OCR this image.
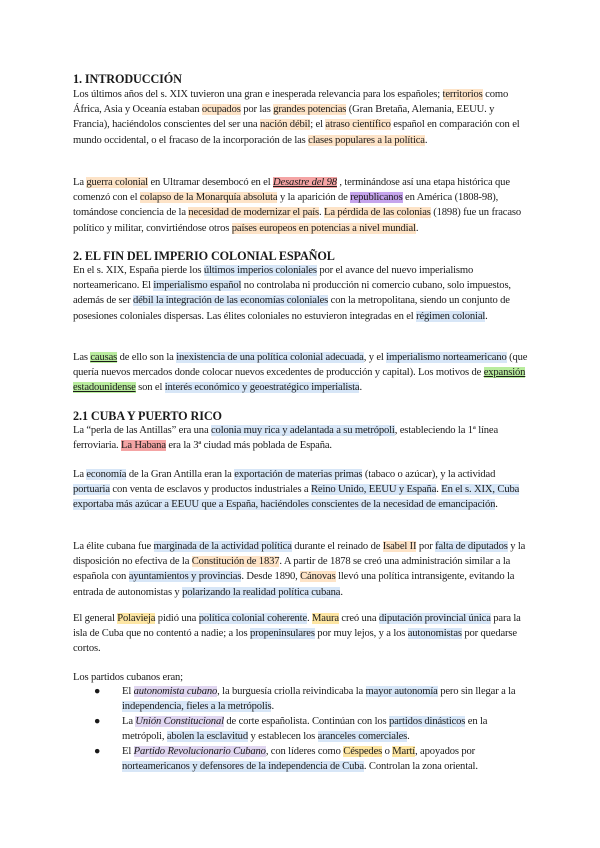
1. INTRODUCCIÓN
Los últimos años del s. XIX tuvieron una gran e inesperada relevancia para los españoles; territorios como África, Asia y Oceanía estaban ocupados por las grandes potencias (Gran Bretaña, Alemania, EEUU. y Francia), haciéndolos conscientes del ser una nación débil; el atraso científico español en comparación con el mundo occidental, o el fracaso de la incorporación de las clases populares a la política.
La guerra colonial en Ultramar desembocó en el Desastre del 98 , terminándose así una etapa histórica que comenzó con el colapso de la Monarquía absoluta y la aparición de republicanos en América (1808-98), tomándose conciencia de la necesidad de modernizar el país. La pérdida de las colonias (1898) fue un fracaso político y militar, convirtiéndose otros países europeos en potencias a nivel mundial.
2. EL FIN DEL IMPERIO COLONIAL ESPAÑOL
En el s. XIX, España pierde los últimos imperios coloniales por el avance del nuevo imperialismo norteamericano. El imperialismo español no controlaba ni producción ni comercio cubano, solo impuestos, además de ser débil la integración de las economías coloniales con la metropolitana, siendo un conjunto de posesiones coloniales dispersas. Las élites coloniales no estuvieron integradas en el régimen colonial.
Las causas de ello son la inexistencia de una política colonial adecuada, y el imperialismo norteamericano (que quería nuevos mercados donde colocar nuevos excedentes de producción y capital). Los motivos de expansión estadounidense son el interés económico y geoestratégico imperialista.
2.1 CUBA Y PUERTO RICO
La “perla de las Antillas” era una colonia muy rica y adelantada a su metrópoli, estableciendo la 1ª línea ferroviaria. La Habana era la 3ª ciudad más poblada de España.
La economía de la Gran Antilla eran la exportación de materias primas (tabaco o azúcar), y la actividad portuaria con venta de esclavos y productos industriales a Reino Unido, EEUU y España. En el s. XIX, Cuba exportaba más azúcar a EEUU que a España, haciéndoles conscientes de la necesidad de emancipación.
La élite cubana fue marginada de la actividad política durante el reinado de Isabel II por falta de diputados y la disposición no efectiva de la Constitución de 1837. A partir de 1878 se creó una administración similar a la española con ayuntamientos y provincias. Desde 1890, Cánovas llevó una política intransigente, evitando la entrada de autonomistas y polarizando la realidad política cubana.
El general Polavieja pidió una política colonial coherente. Maura creó una diputación provincial única para la isla de Cuba que no contentó a nadie; a los propeninsulares por muy lejos, y a los autonomistas por quedarse cortos.
Los partidos cubanos eran;
● El autonomista cubano, la burguesía criolla reivindicaba la mayor autonomía pero sin llegar a la independencia, fieles a la metrópolis.
● La Unión Constitucional de corte españolista. Continúan con los partidos dinásticos en la metrópoli, abolen la esclavitud y establecen los aranceles comerciales.
● El Partido Revolucionario Cubano, con líderes como Céspedes o Martí, apoyados por norteamericanos y defensores de la independencia de Cuba. Controlan la zona oriental.
